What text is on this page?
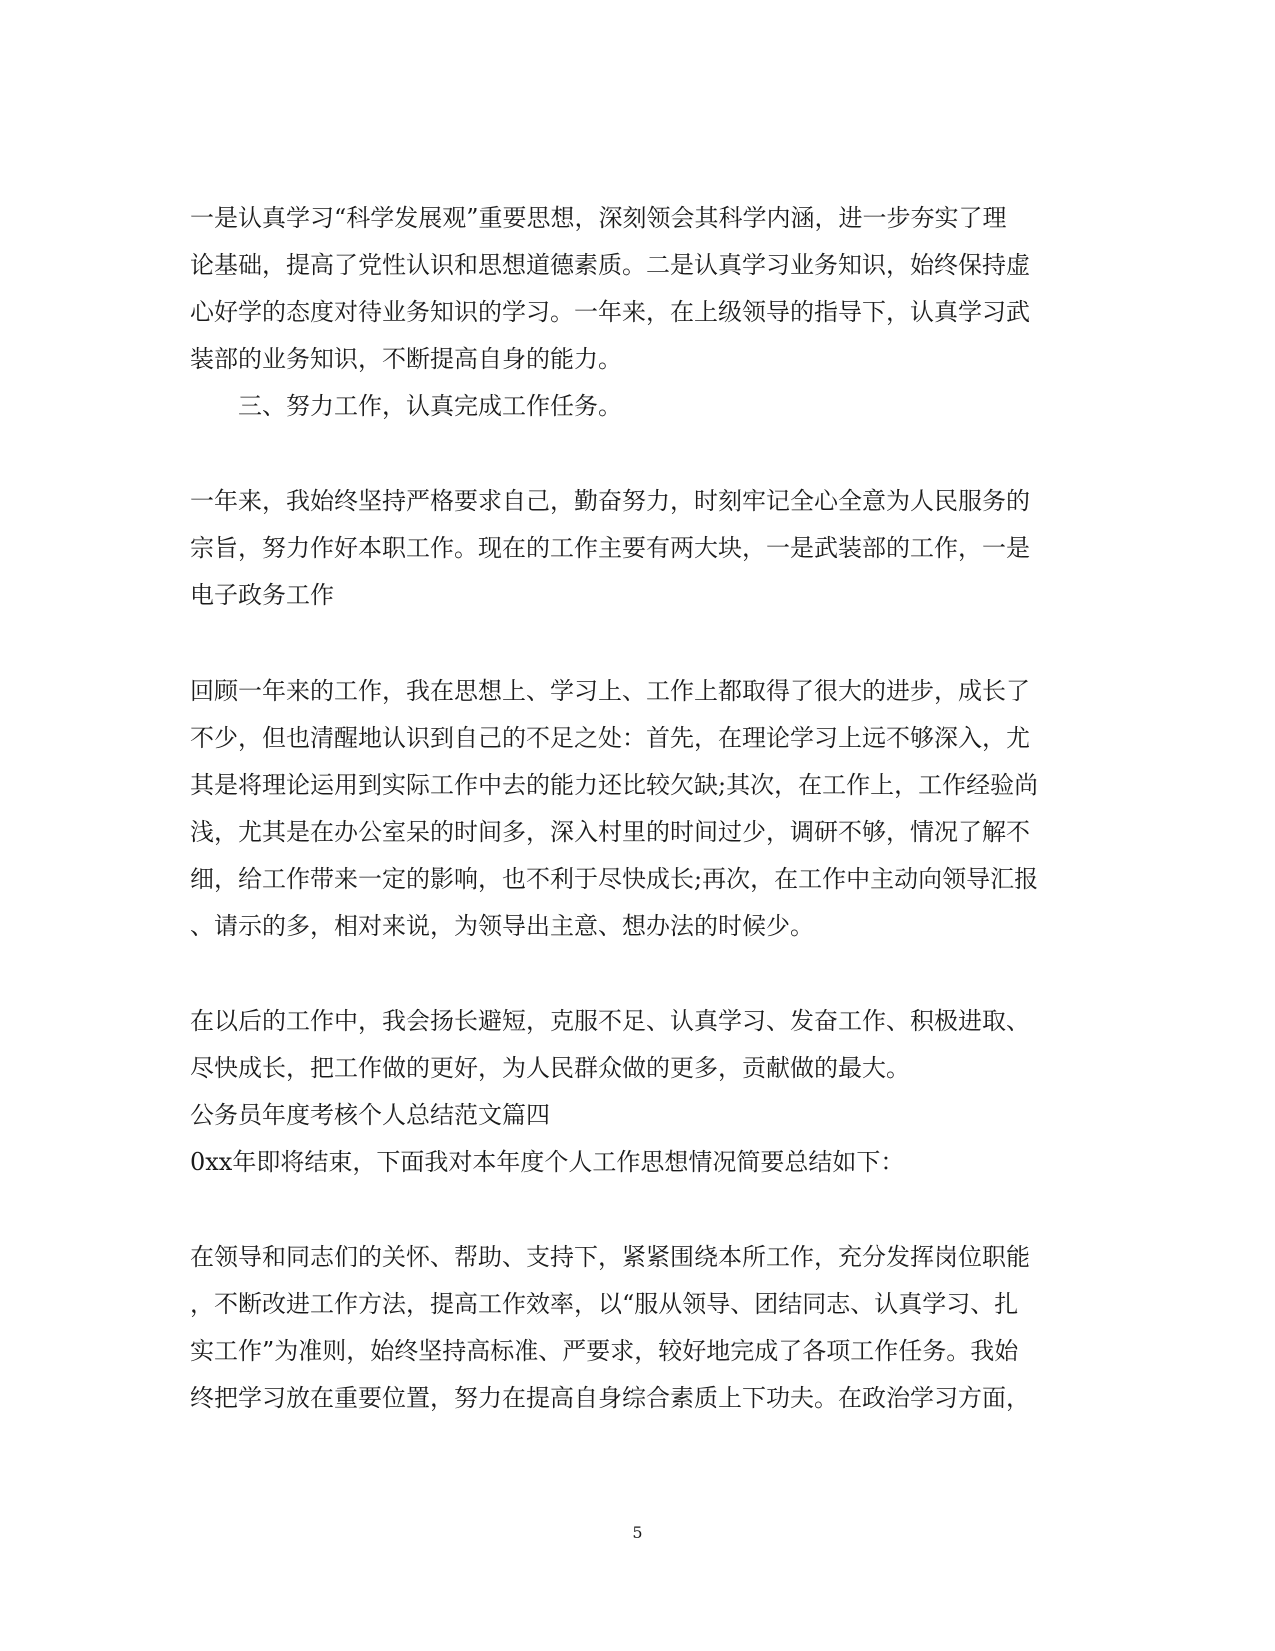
一是认真学习“科学发展观”重要思想，深刻领会其科学内涵，进一步夯实了理

论基础，提高了党性认识和思想道德素质。二是认真学习业务知识，始终保持虚

心好学的态度对待业务知识的学习。一年来，在上级领导的指导下，认真学习武

装部的业务知识，不断提高自身的能力。

三、努力工作，认真完成工作任务。

一年来，我始终坚持严格要求自己，勤奋努力，时刻牢记全心全意为人民服务的

宗旨，努力作好本职工作。现在的工作主要有两大块，一是武装部的工作，一是

电子政务工作

回顾一年来的工作，我在思想上、学习上、工作上都取得了很大的进步，成长了

不少，但也清醒地认识到自己的不足之处：首先，在理论学习上远不够深入，尤

其是将理论运用到实际工作中去的能力还比较欠缺;其次，在工作上，工作经验尚

浅，尤其是在办公室呆的时间多，深入村里的时间过少，调研不够，情况了解不

细，给工作带来一定的影响，也不利于尽快成长;再次，在工作中主动向领导汇报

、请示的多，相对来说，为领导出主意、想办法的时候少。

在以后的工作中，我会扬长避短，克服不足、认真学习、发奋工作、积极进取、

尽快成长，把工作做的更好，为人民群众做的更多，贡献做的最大。

公务员年度考核个人总结范文篇四

0xx年即将结束，下面我对本年度个人工作思想情况简要总结如下：

在领导和同志们的关怀、帮助、支持下，紧紧围绕本所工作，充分发挥岗位职能

，不断改进工作方法，提高工作效率，以“服从领导、团结同志、认真学习、扎

实工作”为准则，始终坚持高标准、严要求，较好地完成了各项工作任务。我始

终把学习放在重要位置，努力在提高自身综合素质上下功夫。在政治学习方面，

5
